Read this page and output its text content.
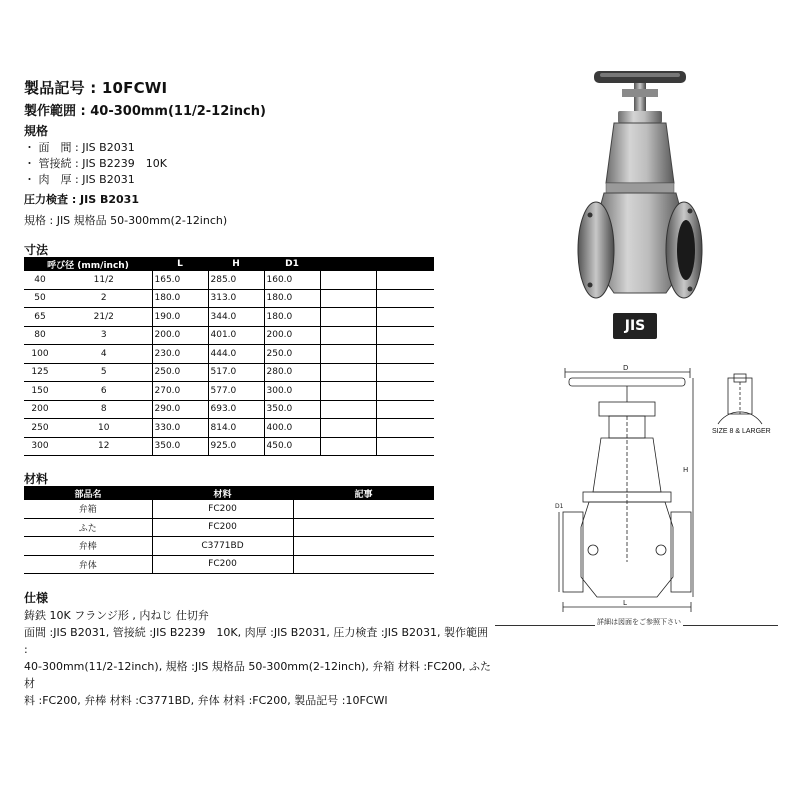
製品記号 : 10FCWI
製作範囲 : 40-300mm(11/2-12inch)
規格
・ 面　間 : JIS B2031
・ 管接続 : JIS B2239　10K
・ 肉　厚 : JIS B2031
圧力検査 : JIS B2031
規格 : JIS 規格品 50-300mm(2-12inch)
寸法
呼び径 (mm/inch)		L	H	D1		
40	11/2	165.0	285.0	160.0		
50	2	180.0	313.0	180.0		
65	21/2	190.0	344.0	180.0		
80	3	200.0	401.0	200.0		
100	4	230.0	444.0	250.0		
125	5	250.0	517.0	280.0		
150	6	270.0	577.0	300.0		
200	8	290.0	693.0	350.0		
250	10	330.0	814.0	400.0		
300	12	350.0	925.0	450.0		
材料
部品名	材料	記事
弁箱	FC200	
ふた	FC200	
弁棒	C3771BD	
弁体	FC200	
仕様
鋳鉄 10K フランジ形 , 内ねじ 仕切弁
面間 :JIS B2031, 管接続 :JIS B2239　10K, 肉厚 :JIS B2031, 圧力検査 :JIS B2031, 製作範囲 :
40-300mm(11/2-12inch), 規格 :JIS 規格品 50-300mm(2-12inch), 弁箱 材料 :FC200, ふた 材
料 :FC200, 弁棒 材料 :C3771BD, 弁体 材料 :FC200, 製品記号 :10FCWI
JIS
D
H
D1
L
SIZE 8 & LARGER
詳細は図面をご参照下さい
